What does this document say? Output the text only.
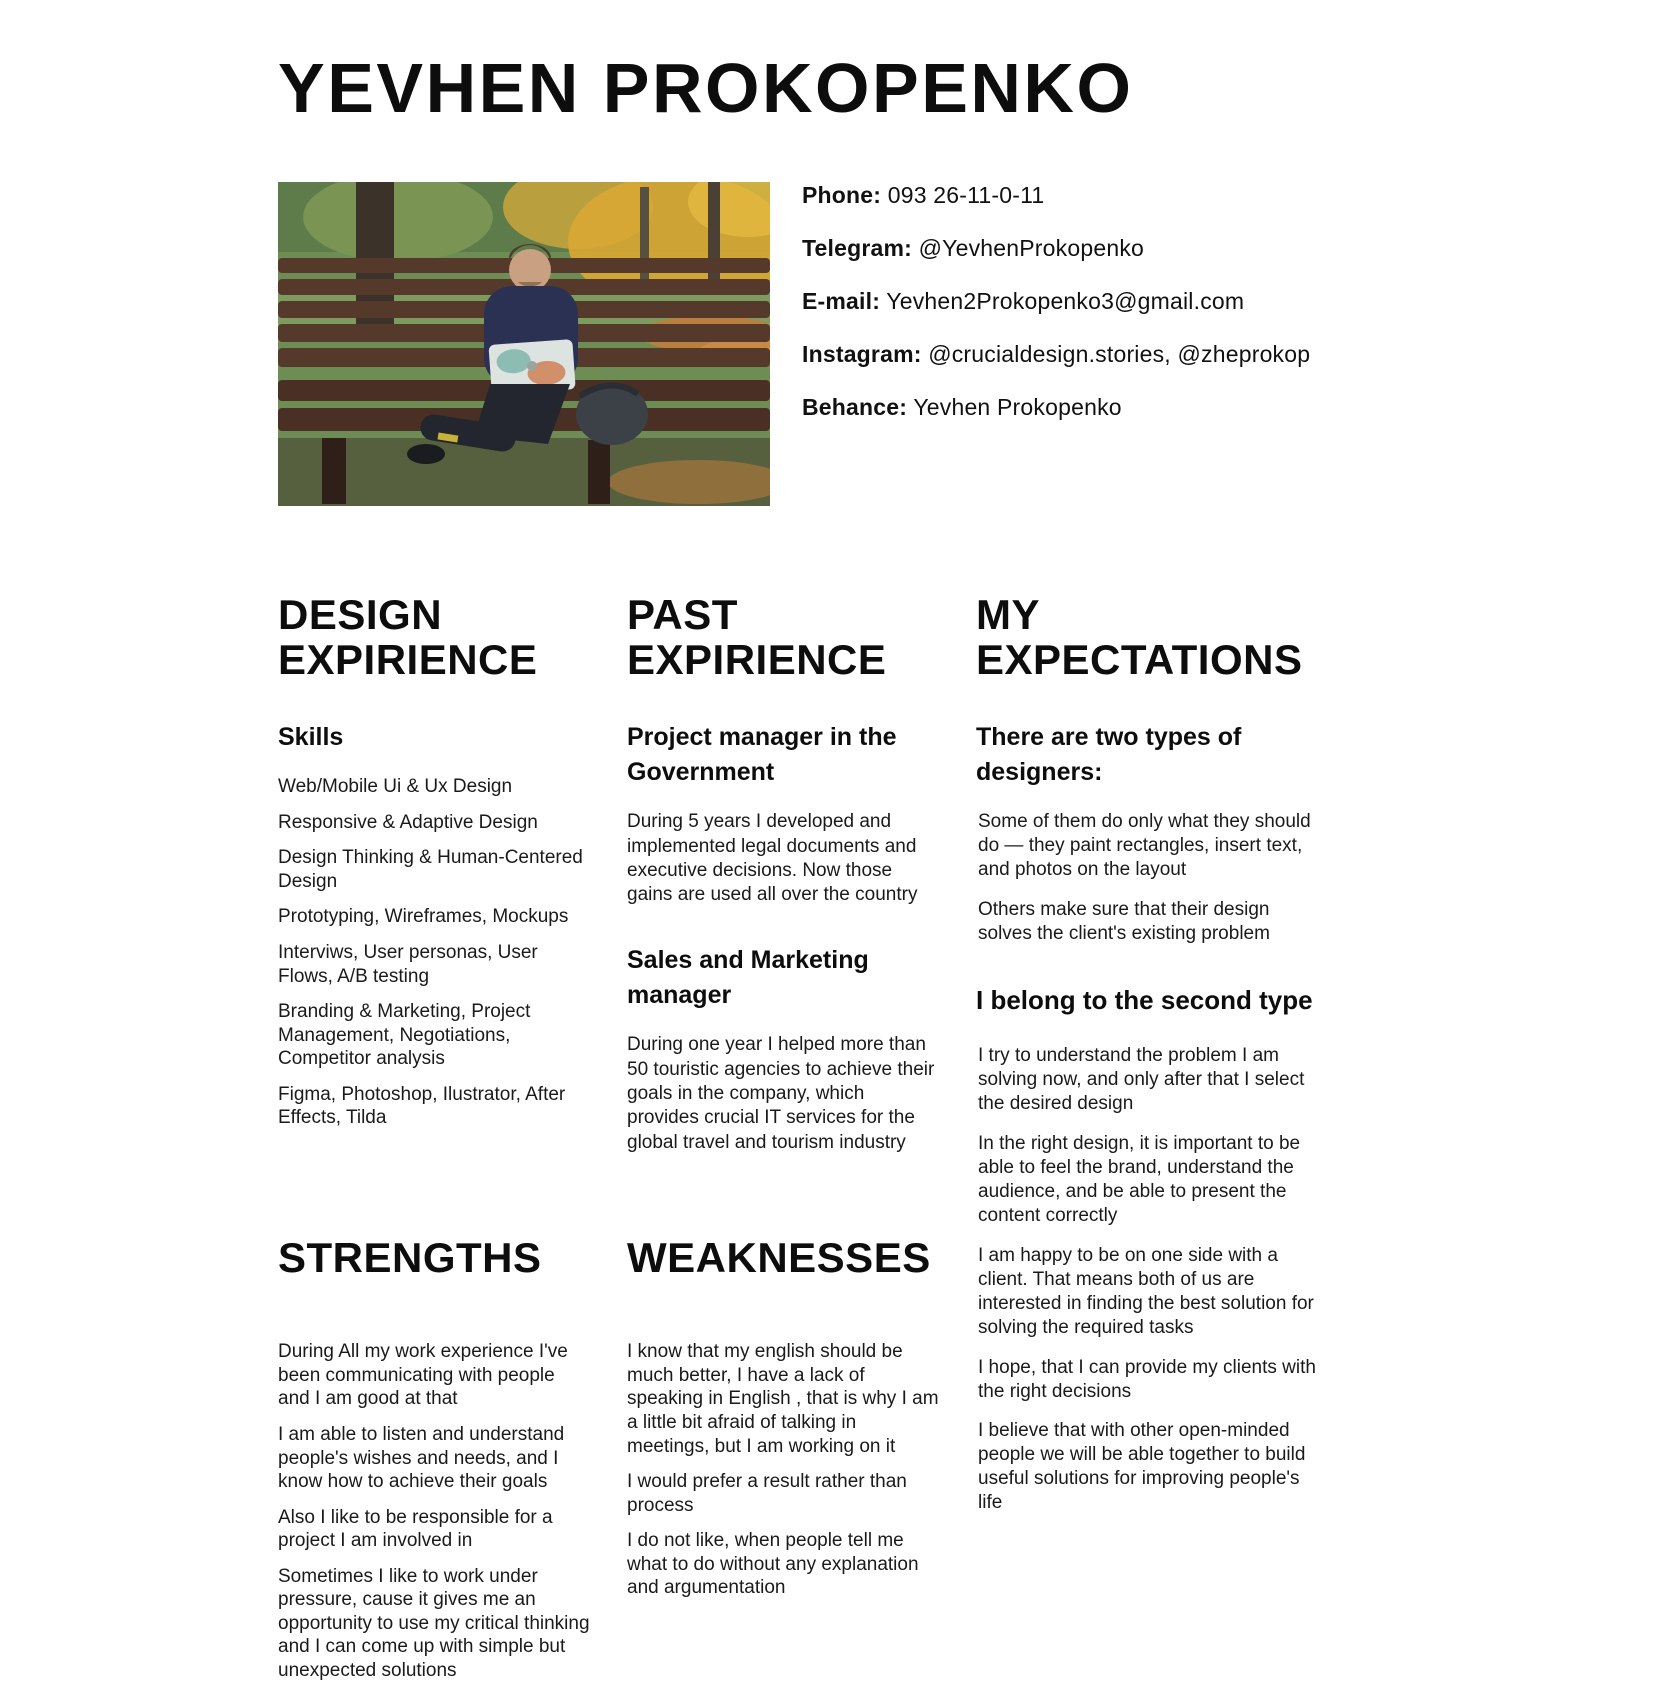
YEVHEN PROKOPENKO

Phone: 093 26-11-0-11

Telegram: @YevhenProkopenko

E-mail: Yevhen2Prokopenko3@gmail.com

Instagram: @crucialdesign.stories, @zheprokop

Behance: Yevhen Prokopenko

DESIGN EXPIRIENCE
Skills

Web/Mobile Ui & Ux Design

Responsive & Adaptive Design

Design Thinking & Human-Centered Design

Prototyping, Wireframes, Mockups

Interviws, User personas, User Flows, A/B testing

Branding & Marketing, Project Management, Negotiations, Competitor analysis

Figma, Photoshop, Ilustrator, After Effects, Tilda

PAST EXPIRIENCE
Project manager in the Government

During 5 years I developed and implemented legal documents and executive decisions. Now those gains are used all over the country

Sales and Marketing manager

During one year I helped more than 50 touristic agencies to achieve their goals in the company, which provides crucial IT services for the global travel and tourism industry

MY EXPECTATIONS
There are two types of designers:

Some of them do only what they should do — they paint rectangles, insert text, and photos on the layout

Others make sure that their design solves the client's existing problem

I belong to the second type

I try to understand the problem I am solving now, and only after that I select the desired design

In the right design, it is important to be able to feel the brand, understand the audience, and be able to present the content correctly

I am happy to be on one side with a client. That means both of us are interested in finding the best solution for solving the required tasks

I hope, that I can provide my clients with the right decisions

I believe that with other open-minded people we will be able together to build useful solutions for improving people's life

STRENGTHS

During All my work experience I've been communicating with people and I am good at that

I am able to listen and understand people's wishes and needs, and I know how to achieve their goals

Also I like to be responsible for a project I am involved in

Sometimes I like to work under pressure, cause it gives me an opportunity to use my critical thinking and I can come up with simple but unexpected solutions

WEAKNESSES

I know that my english should be much better, I have a lack of speaking in English , that is why I am a little bit afraid of talking in meetings, but I am working on it

I would prefer a result rather than process

I do not like, when people tell me what to do without any explanation and argumentation
